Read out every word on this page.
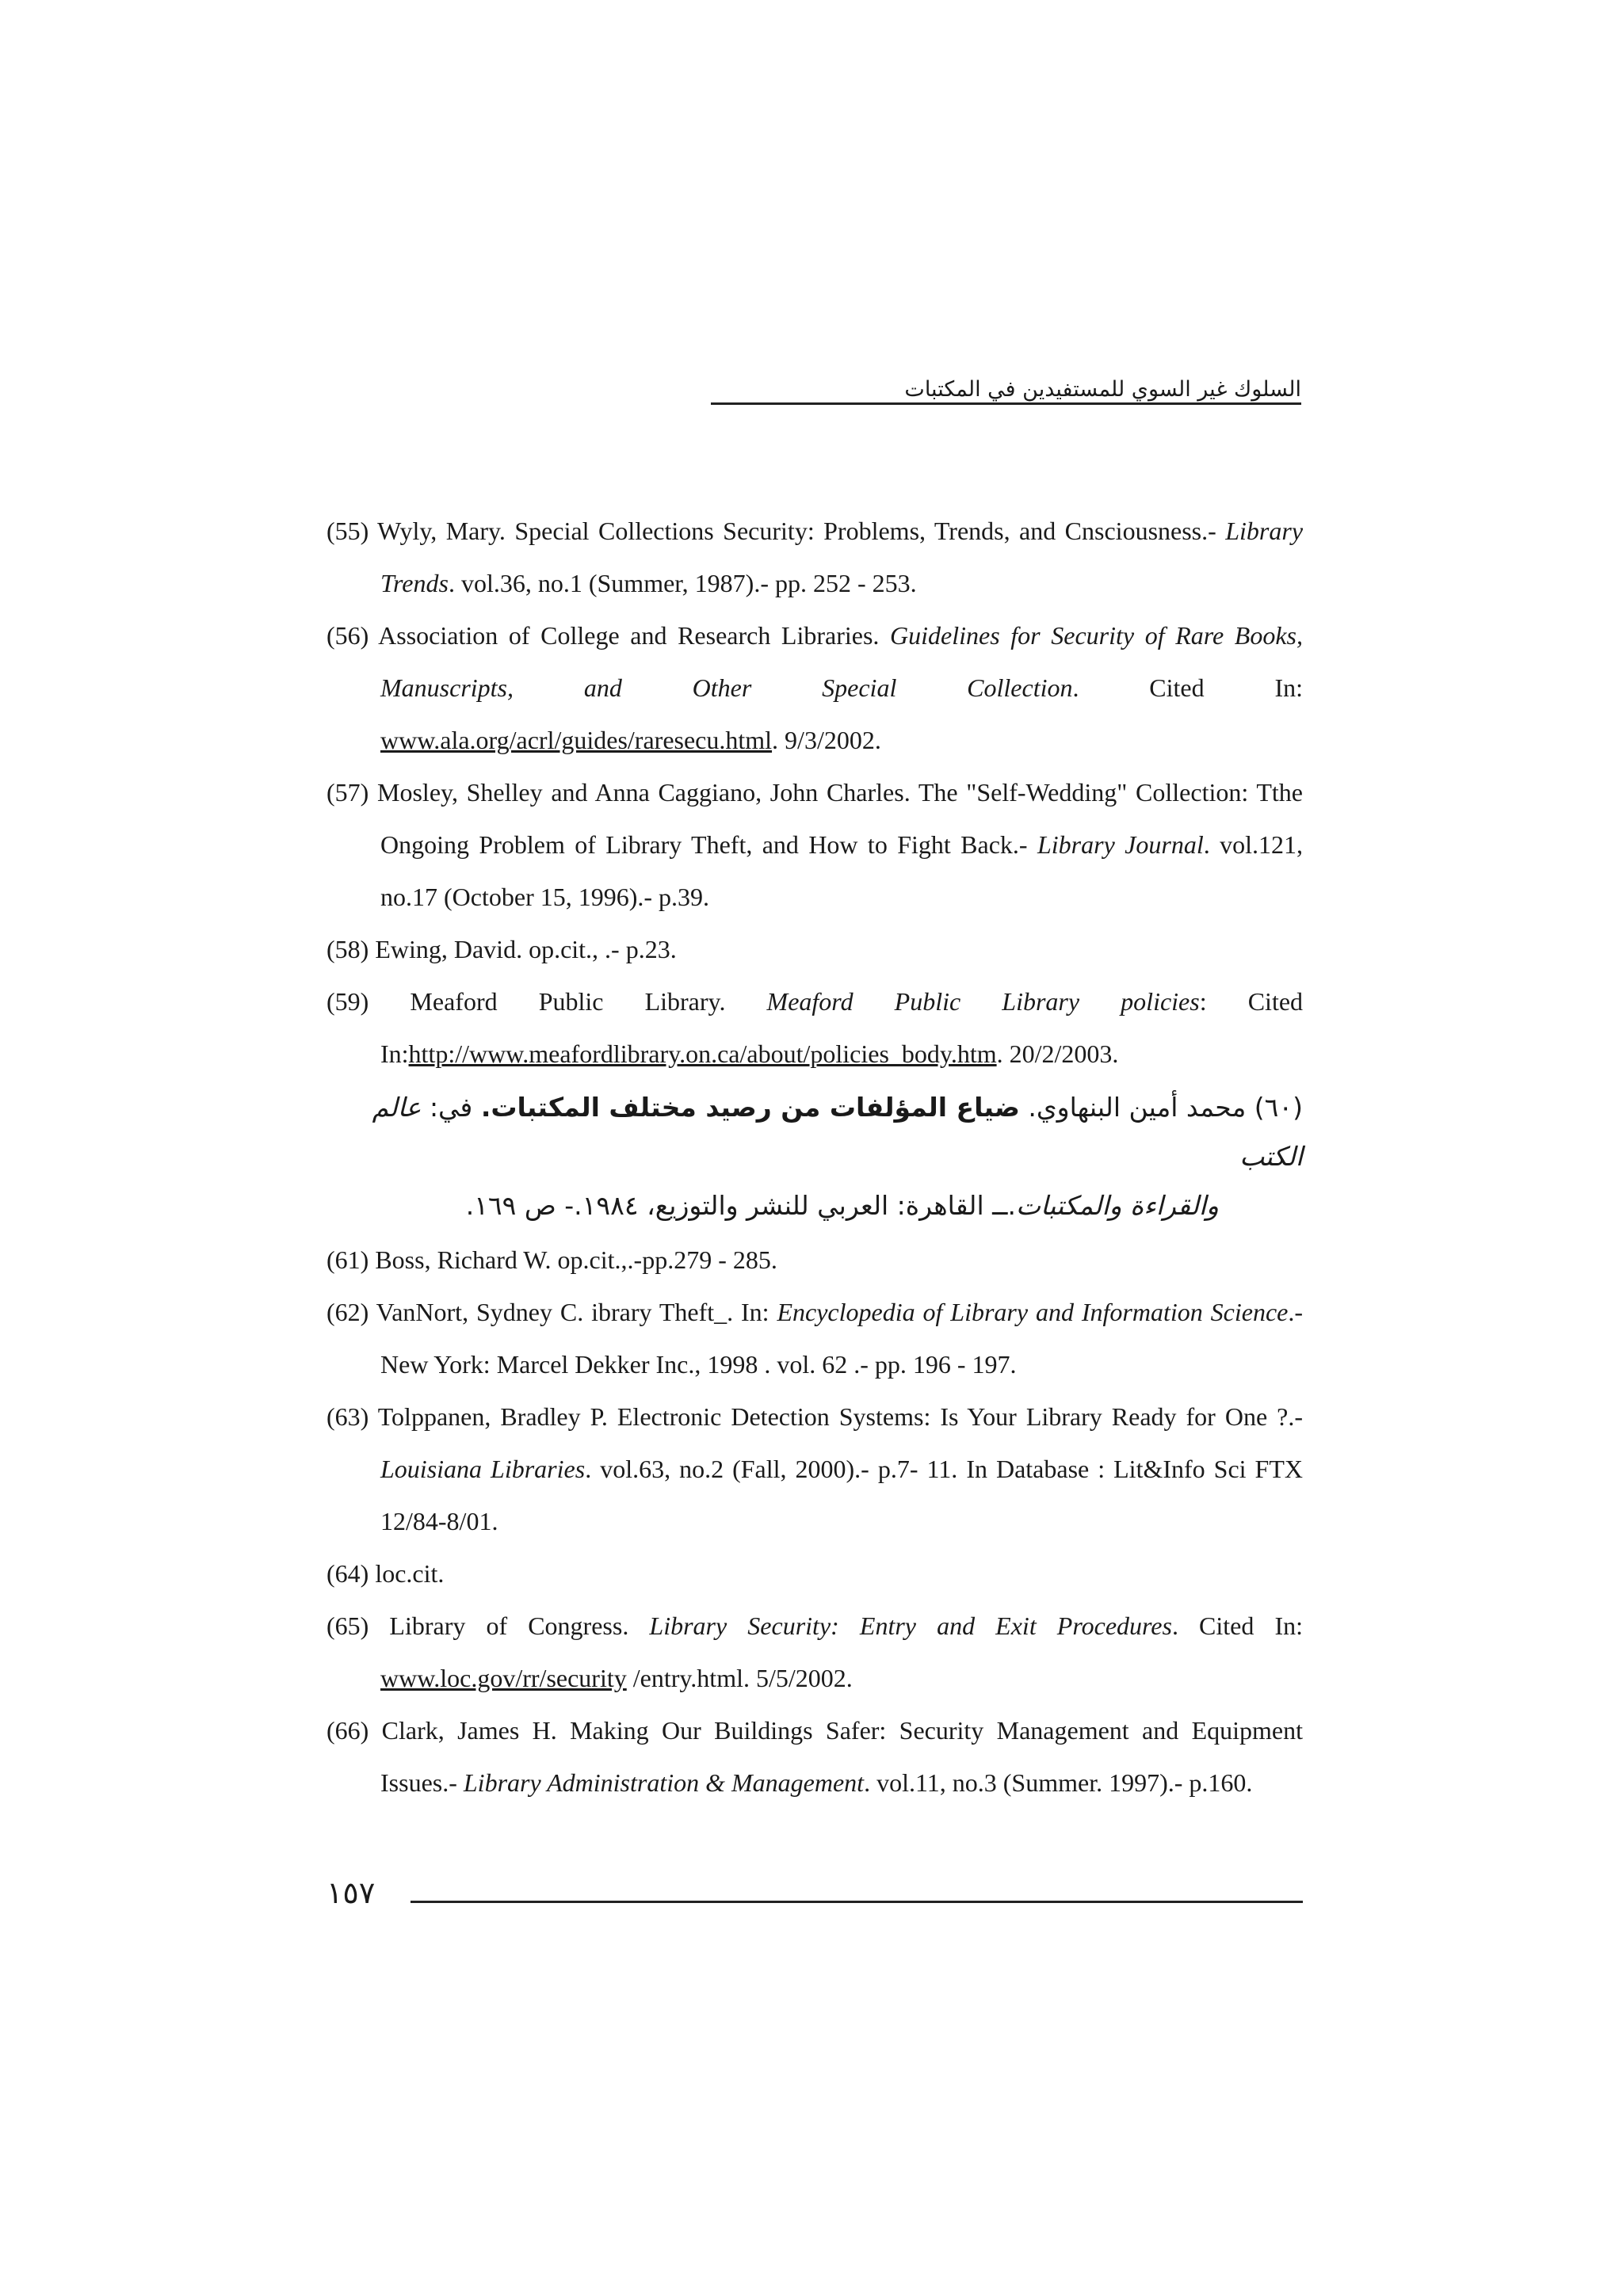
السلوك غير السوي للمستفيدين في المكتبات
(55) Wyly, Mary. Special Collections Security: Problems, Trends, and Cnsciousness.- Library Trends. vol.36, no.1 (Summer, 1987).- pp. 252 - 253.
(56) Association of College and Research Libraries. Guidelines for Security of Rare Books, Manuscripts, and Other Special Collection. Cited In: www.ala.org/acrl/guides/raresecu.html. 9/3/2002.
(57) Mosley, Shelley and Anna Caggiano, John Charles. The "Self-Wedding" Collection: Tthe Ongoing Problem of Library Theft, and How to Fight Back.- Library Journal. vol.121, no.17 (October 15, 1996).- p.39.
(58) Ewing, David. op.cit., .- p.23.
(59) Meaford Public Library. Meaford Public Library policies: Cited In:http://www.meafordlibrary.on.ca/about/policies_body.htm. 20/2/2003.
(٦٠) محمد أمين البنهاوي. ضياع المؤلفات من رصيد مختلف المكتبات. في: عالم الكتب
والقراءة والمكتبات.ــ القاهرة: العربي للنشر والتوزيع، ١٩٨٤.- ص ١٦٩.
(61) Boss, Richard W. op.cit.,.-pp.279 - 285.
(62) VanNort, Sydney C. ibrary Theft_. In: Encyclopedia of Library and Information Science.- New York: Marcel Dekker Inc., 1998 . vol. 62 .- pp. 196 - 197.
(63) Tolppanen, Bradley P. Electronic Detection Systems: Is Your Library Ready for One ?.- Louisiana Libraries. vol.63, no.2 (Fall, 2000).- p.7- 11. In Database : Lit&Info Sci FTX 12/84-8/01.
(64) loc.cit.
(65) Library of Congress. Library Security: Entry and Exit Procedures. Cited In: www.loc.gov/rr/security /entry.html. 5/5/2002.
(66) Clark, James H. Making Our Buildings Safer: Security Management and Equipment Issues.- Library Administration & Management. vol.11, no.3 (Summer. 1997).- p.160.
١٥٧
